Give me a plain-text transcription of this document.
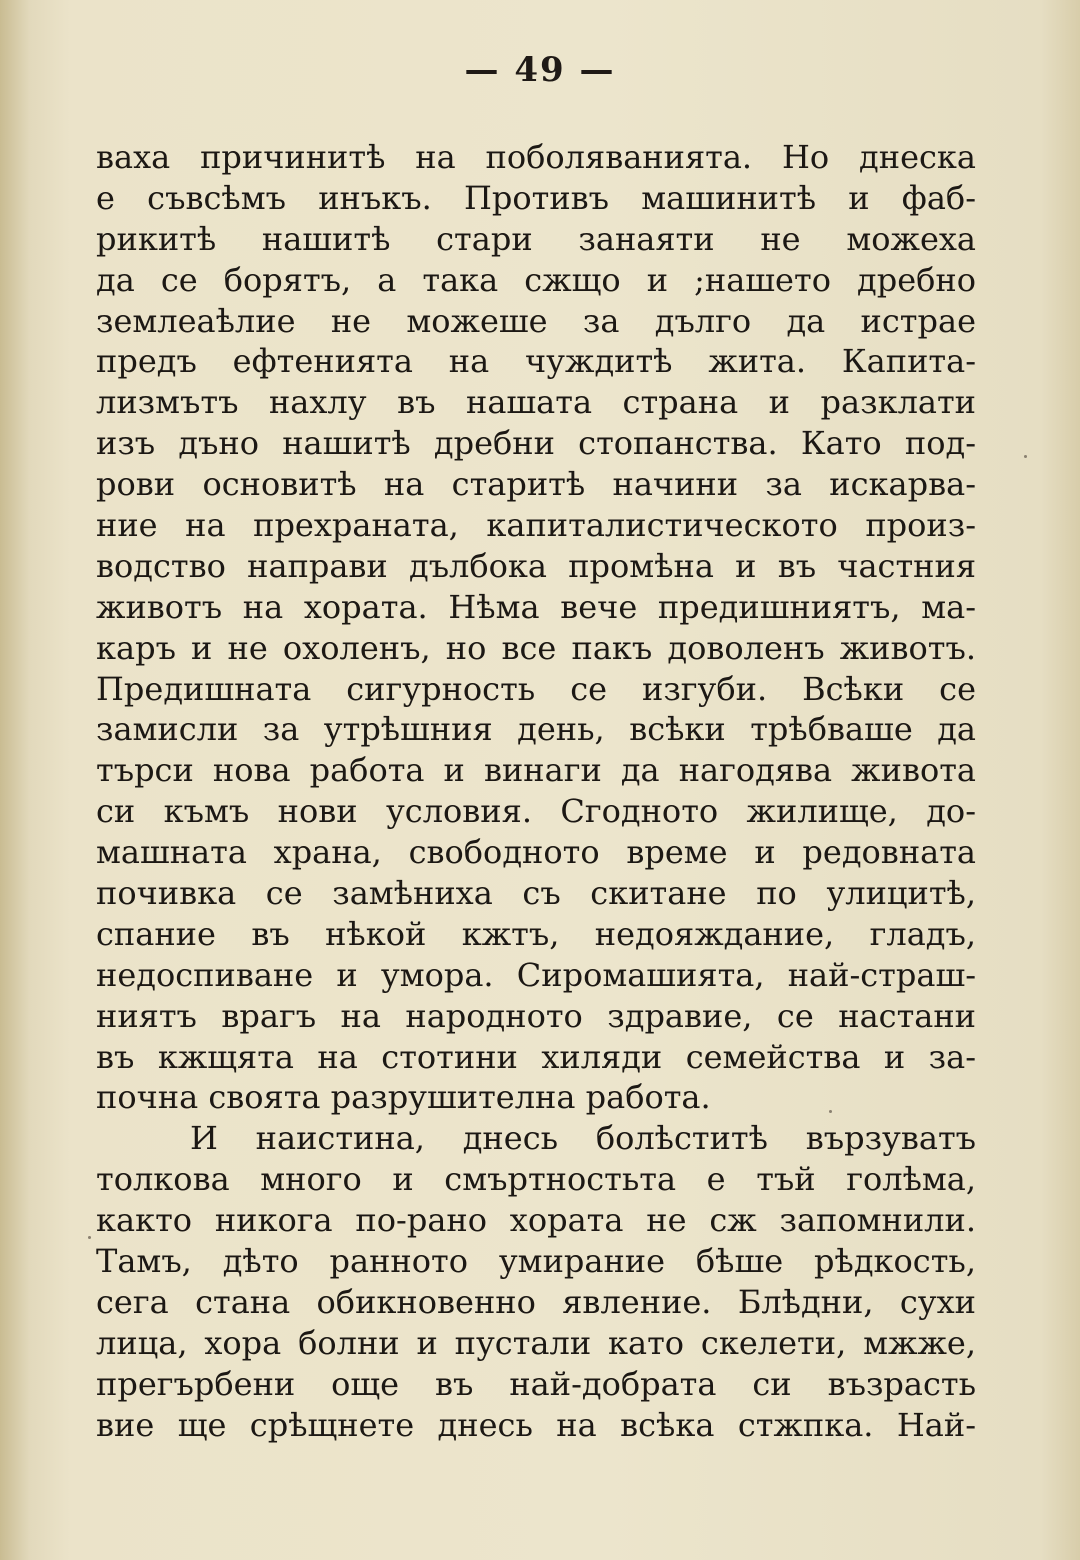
— 49 —
ваха причинитѣ на поболяванията. Но днеска
е съвсѣмъ инъкъ. Противъ машинитѣ и фаб-
рикитѣ нашитѣ стари занаяти не можеха
да се борятъ, а така сжщо и ;нашето дребно
землеаѣлие не можеше за дълго да истрае
предъ ефтенията на чуждитѣ жита. Капита-
лизмътъ нахлу въ нашата страна и разклати
изъ дъно нашитѣ дребни стопанства. Като под-
рови основитѣ на старитѣ начини за искарва-
ние на прехраната, капиталистическото произ-
водство направи дълбока промѣна и въ частния
животъ на хората. Нѣма вече предишниятъ, ма-
каръ и не охоленъ, но все пакъ доволенъ животъ.
Предишната сигурность се изгуби. Всѣки се
замисли за утрѣшния день, всѣки трѣбваше да
търси нова работа и винаги да нагодява живота
си къмъ нови условия. Сгодното жилище, до-
машната храна, свободното време и редовната
почивка се замѣниха съ скитане по улицитѣ,
спание въ нѣкой кжтъ, недояждание, гладъ,
недоспиване и умора. Сиромашията, най-страш-
ниятъ врагъ на народното здравие, се настани
въ кжщята на стотини хиляди семейства и за-
почна своята разрушителна работа.
И наистина, днесь болѣститѣ вързуватъ
толкова много и смъртностьта е тъй голѣма,
както никога по-рано хората не сж запомнили.
Тамъ, дѣто ранното умирание бѣше рѣдкость,
сега стана обикновенно явление. Блѣдни, сухи
лица, хора болни и пустали като скелети, мжже,
прегърбени още въ най-добрата си възрасть
вие ще срѣщнете днесь на всѣка стжпка. Най-
